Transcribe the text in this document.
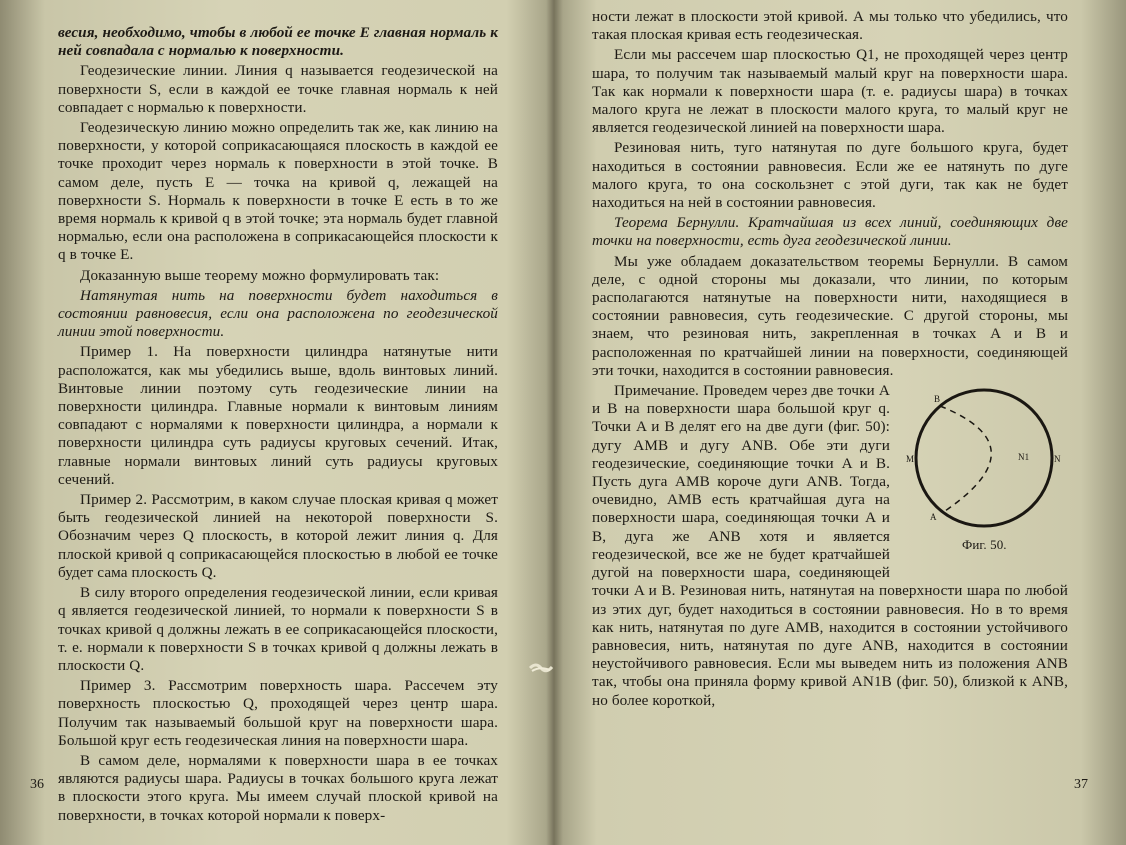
весия, необходимо, чтобы в любой ее точке E главная нормаль к ней совпадала с нормалью к поверхности.

Геодезические линии. Линия q называется геодезической на поверхности S, если в каждой ее точке главная нормаль к ней совпадает с нормалью к поверхности.

Геодезическую линию можно определить так же, как линию на поверхности, у которой соприкасающаяся плоскость в каждой ее точке проходит через нормаль к поверхности в этой точке. В самом деле, пусть E — точка на кривой q, лежащей на поверхности S. Нормаль к поверхности в точке E есть в то же время нормаль к кривой q в этой точке; эта нормаль будет главной нормалью, если она расположена в соприкасающейся плоскости к q в точке E.

Доказанную выше теорему можно формулировать так:

Натянутая нить на поверхности будет находиться в состоянии равновесия, если она расположена по геодезической линии этой поверхности.

Пример 1. На поверхности цилиндра натянутые нити расположатся, как мы убедились выше, вдоль винтовых линий. Винтовые линии поэтому суть геодезические линии на поверхности цилиндра. Главные нормали к винтовым линиям совпадают с нормалями к поверхности цилиндра, а нормали к поверхности цилиндра суть радиусы круговых сечений. Итак, главные нормали винтовых линий суть радиусы круговых сечений.

Пример 2. Рассмотрим, в каком случае плоская кривая q может быть геодезической линией на некоторой поверхности S. Обозначим через Q плоскость, в которой лежит линия q. Для плоской кривой q соприкасающейся плоскостью в любой ее точке будет сама плоскость Q.

В силу второго определения геодезической линии, если кривая q является геодезической линией, то нормали к поверхности S в точках кривой q должны лежать в ее соприкасающейся плоскости, т. е. нормали к поверхности S в точках кривой q должны лежать в плоскости Q.

Пример 3. Рассмотрим поверхность шара. Рассечем эту поверхность плоскостью Q, проходящей через центр шара. Получим так называемый большой круг на поверхности шара. Большой круг есть геодезическая линия на поверхности шара.

В самом деле, нормалями к поверхности шара в ее точках являются радиусы шара. Радиусы в точках большого круга лежат в плоскости этого круга. Мы имеем случай плоской кривой на поверхности, в точках которой нормали к поверх-

36

ности лежат в плоскости этой кривой. А мы только что убедились, что такая плоская кривая есть геодезическая.

Если мы рассечем шар плоскостью Q1, не проходящей через центр шара, то получим так называемый малый круг на поверхности шара. Так как нормали к поверхности шара (т. е. радиусы шара) в точках малого круга не лежат в плоскости малого круга, то малый круг не является геодезической линией на поверхности шара.

Резиновая нить, туго натянутая по дуге большого круга, будет находиться в состоянии равновесия. Если же ее натянуть по дуге малого круга, то она соскользнет с этой дуги, так как не будет находиться на ней в состоянии равновесия.

Теорема Бернулли. Кратчайшая из всех линий, соединяющих две точки на поверхности, есть дуга геодезической линии.

Мы уже обладаем доказательством теоремы Бернулли. В самом деле, с одной стороны мы доказали, что линии, по которым располагаются натянутые на поверхности нити, находящиеся в состоянии равновесия, суть геодезические. С другой стороны, мы знаем, что резиновая нить, закрепленная в точках A и B и расположенная по кратчайшей линии на поверхности, соединяющей эти точки, находится в состоянии равновесия.

B
M	N
N1
A
Фиг. 50.

Примечание. Проведем через две точки A и B на поверхности шара большой круг q. Точки A и B делят его на две дуги (фиг. 50): дугу AMB и дугу ANB. Обе эти дуги геодезические, соединяющие точки A и B. Пусть дуга AMB короче дуги ANB. Тогда, очевидно, AMB есть кратчайшая дуга на поверхности шара, соединяющая точки A и B, дуга же ANB хотя и является геодезической, все же не будет кратчайшей дугой на поверхности шара, соединяющей точки A и B. Резиновая нить, натянутая на поверхности шара по любой из этих дуг, будет находиться в состоянии равновесия. Но в то время как нить, натянутая по дуге AMB, находится в состоянии устойчивого равновесия, нить, натянутая по дуге ANB, находится в состоянии неустойчивого равновесия. Если мы выведем нить из положения ANB так, чтобы она приняла форму кривой AN1B (фиг. 50), близкой к ANB, но более короткой,

37
